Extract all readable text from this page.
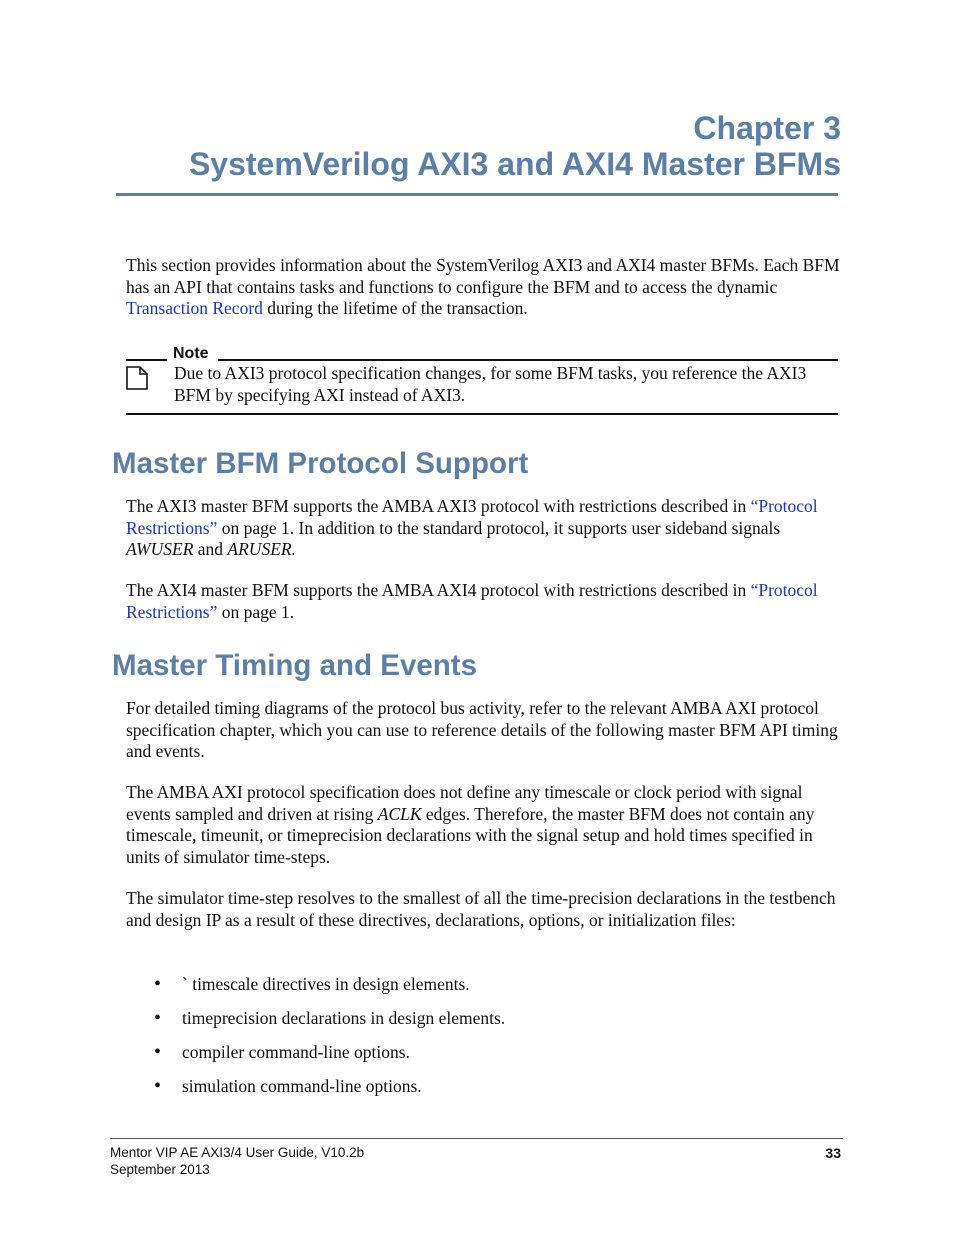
Chapter 3
SystemVerilog AXI3 and AXI4 Master BFMs
This section provides information about the SystemVerilog AXI3 and AXI4 master BFMs. Each BFM has an API that contains tasks and functions to configure the BFM and to access the dynamic Transaction Record during the lifetime of the transaction.
Note
Due to AXI3 protocol specification changes, for some BFM tasks, you reference the AXI3 BFM by specifying AXI instead of AXI3.
Master BFM Protocol Support
The AXI3 master BFM supports the AMBA AXI3 protocol with restrictions described in “Protocol Restrictions” on page 1. In addition to the standard protocol, it supports user sideband signals AWUSER and ARUSER.
The AXI4 master BFM supports the AMBA AXI4 protocol with restrictions described in “Protocol Restrictions” on page 1.
Master Timing and Events
For detailed timing diagrams of the protocol bus activity, refer to the relevant AMBA AXI protocol specification chapter, which you can use to reference details of the following master BFM API timing and events.
The AMBA AXI protocol specification does not define any timescale or clock period with signal events sampled and driven at rising ACLK edges. Therefore, the master BFM does not contain any timescale, timeunit, or timeprecision declarations with the signal setup and hold times specified in units of simulator time-steps.
The simulator time-step resolves to the smallest of all the time-precision declarations in the testbench and design IP as a result of these directives, declarations, options, or initialization files:
• ` timescale directives in design elements.
• timeprecision declarations in design elements.
• compiler command-line options.
• simulation command-line options.
Mentor VIP AE AXI3/4 User Guide, V10.2b
September 2013
33
